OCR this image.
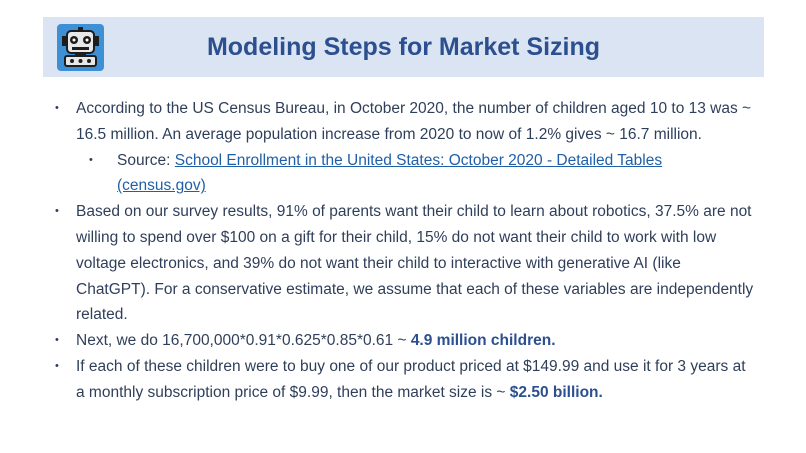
Modeling Steps for Market Sizing
• According to the US Census Bureau, in October 2020, the number of children aged 10 to 13 was ~ 16.5 million. An average population increase from 2020 to now of 1.2% gives ~ 16.7 million.
• Source: School Enrollment in the United States: October 2020 - Detailed Tables (census.gov)
• Based on our survey results, 91% of parents want their child to learn about robotics, 37.5% are not willing to spend over $100 on a gift for their child, 15% do not want their child to work with low voltage electronics, and 39% do not want their child to interactive with generative AI (like ChatGPT). For a conservative estimate, we assume that each of these variables are independently related.
• Next, we do 16,700,000*0.91*0.625*0.85*0.61 ~ 4.9 million children.
• If each of these children were to buy one of our product priced at $149.99 and use it for 3 years at a monthly subscription price of $9.99, then the market size is ~ $2.50 billion.
